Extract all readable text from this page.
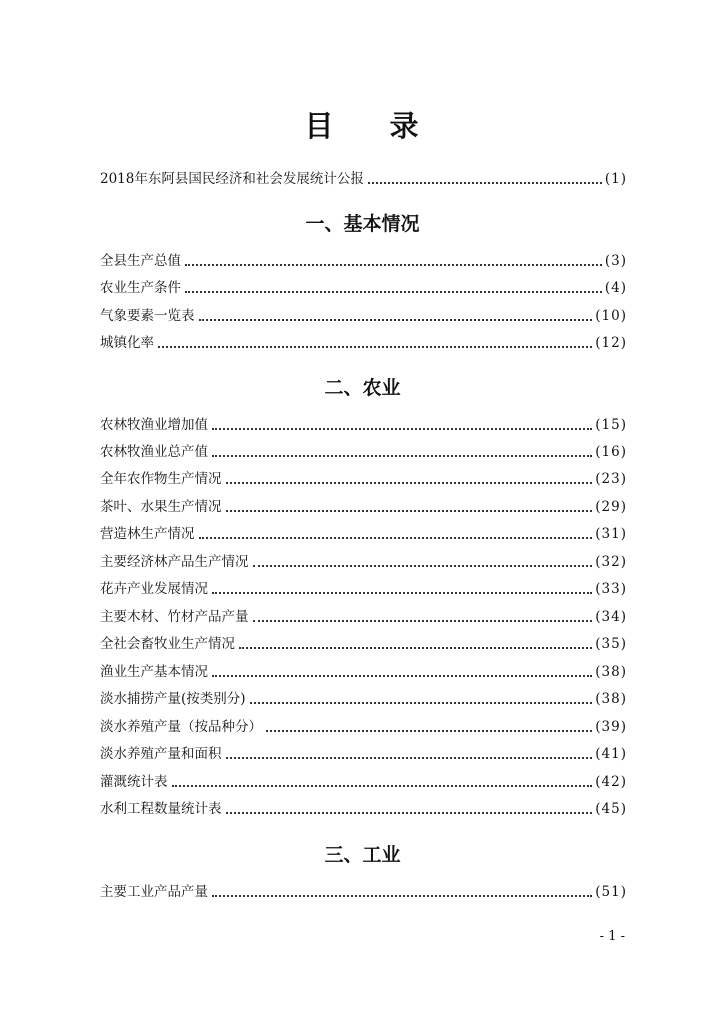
目 录
2018年东阿县国民经济和社会发展统计公报	(1)
一、基本情况
全县生产总值	(3)
农业生产条件	(4)
气象要素一览表	(10)
城镇化率	(12)
二、农业
农林牧渔业增加值	(15)
农林牧渔业总产值	(16)
全年农作物生产情况	(23)
茶叶、水果生产情况	(29)
营造林生产情况	(31)
主要经济林产品生产情况	(32)
花卉产业发展情况	(33)
主要木材、竹材产品产量	(34)
全社会畜牧业生产情况	(35)
渔业生产基本情况	(38)
淡水捕捞产量(按类别分)	(38)
淡水养殖产量（按品种分）	(39)
淡水养殖产量和面积	(41)
灌溉统计表	(42)
水利工程数量统计表	(45)
三、工业
主要工业产品产量	(51)
- 1 -
